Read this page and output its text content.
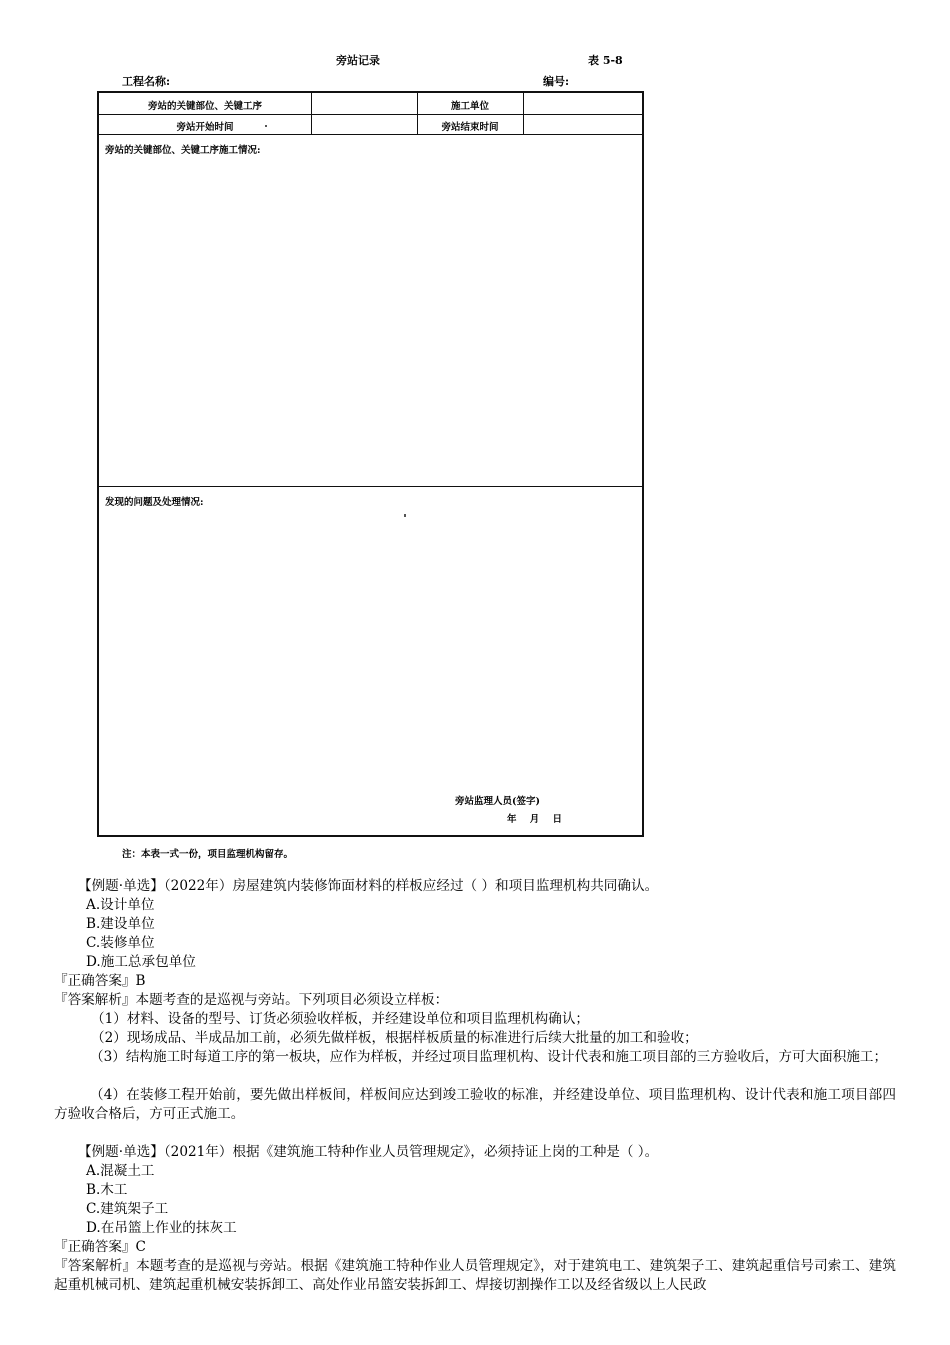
旁站记录	表 5-8
工程名称:	编号:
旁站的关键部位、关键工序	施工单位
旁站开始时间	旁站结束时间
旁站的关键部位、关键工序施工情况:
发现的问题及处理情况:
旁站监理人员(签字)
年    月    日
注：本表一式一份，项目监理机构留存。
【例题·单选】（2022年）房屋建筑内装修饰面材料的样板应经过（ ）和项目监理机构共同确认。
A.设计单位
B.建设单位
C.装修单位
D.施工总承包单位
『正确答案』B
『答案解析』本题考查的是巡视与旁站。下列项目必须设立样板：
（1）材料、设备的型号、订货必须验收样板，并经建设单位和项目监理机构确认；
（2）现场成品、半成品加工前，必须先做样板，根据样板质量的标准进行后续大批量的加工和验收；
（3）结构施工时每道工序的第一板块，应作为样板，并经过项目监理机构、设计代表和施工项目部的三方验收后，方可大面积施工；
（4）在装修工程开始前，要先做出样板间，样板间应达到竣工验收的标准，并经建设单位、项目监理机构、设计代表和施工项目部四方验收合格后，方可正式施工。
【例题·单选】（2021年）根据《建筑施工特种作业人员管理规定》，必须持证上岗的工种是（ ）。
A.混凝土工
B.木工
C.建筑架子工
D.在吊篮上作业的抹灰工
『正确答案』C
『答案解析』本题考查的是巡视与旁站。根据《建筑施工特种作业人员管理规定》，对于建筑电工、建筑架子工、建筑起重信号司索工、建筑起重机械司机、建筑起重机械安装拆卸工、高处作业吊篮安装拆卸工、焊接切割操作工以及经省级以上人民政
